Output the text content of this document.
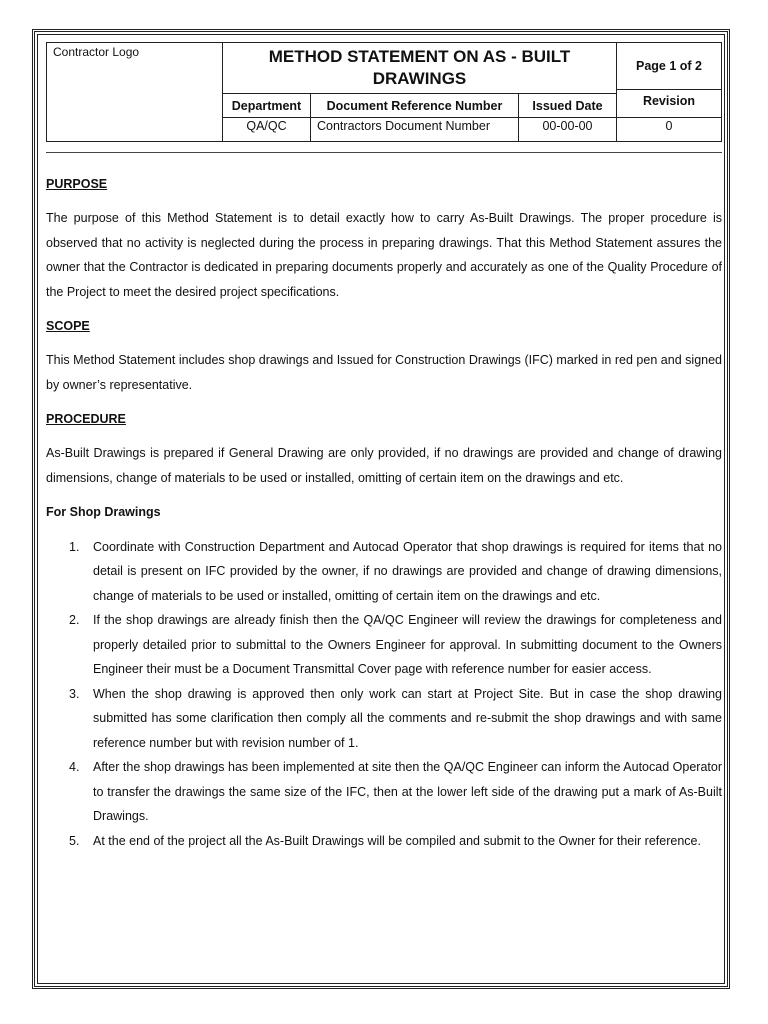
Contractor Logo	METHOD STATEMENT ON AS - BUILT DRAWINGS
Page 1 of 2
Department	Document Reference Number	Issued Date	Revision
QA/QC	Contractors Document Number	00-00-00	0
PURPOSE

The purpose of this Method Statement is to detail exactly how to carry As-Built Drawings. The proper procedure is observed that no activity is neglected during the process in preparing drawings. That this Method Statement assures the owner that the Contractor is dedicated in preparing documents properly and accurately as one of the Quality Procedure of the Project to meet the desired project specifications.

SCOPE

This Method Statement includes shop drawings and Issued for Construction Drawings (IFC) marked in red pen and signed by owner’s representative.

PROCEDURE

As-Built Drawings is prepared if General Drawing are only provided, if no drawings are provided and change of drawing dimensions, change of materials to be used or installed, omitting of certain item on the drawings and etc.

For Shop Drawings
1. Coordinate with Construction Department and Autocad Operator that shop drawings is required for items that no detail is present on IFC provided by the owner, if no drawings are provided and change of drawing dimensions, change of materials to be used or installed, omitting of certain item on the drawings and etc.
2. If the shop drawings are already finish then the QA/QC Engineer will review the drawings for completeness and properly detailed prior to submittal to the Owners Engineer for approval. In submitting document to the Owners Engineer their must be a Document Transmittal Cover page with reference number for easier access.
3. When the shop drawing is approved then only work can start at Project Site. But in case the shop drawing submitted has some clarification then comply all the comments and re-submit the shop drawings and with same reference number but with revision number of 1.
4. After the shop drawings has been implemented at site then the QA/QC Engineer can inform the Autocad Operator to transfer the drawings the same size of the IFC, then at the lower left side of the drawing put a mark of As-Built Drawings.
5. At the end of the project all the As-Built Drawings will be compiled and submit to the Owner for their reference.
